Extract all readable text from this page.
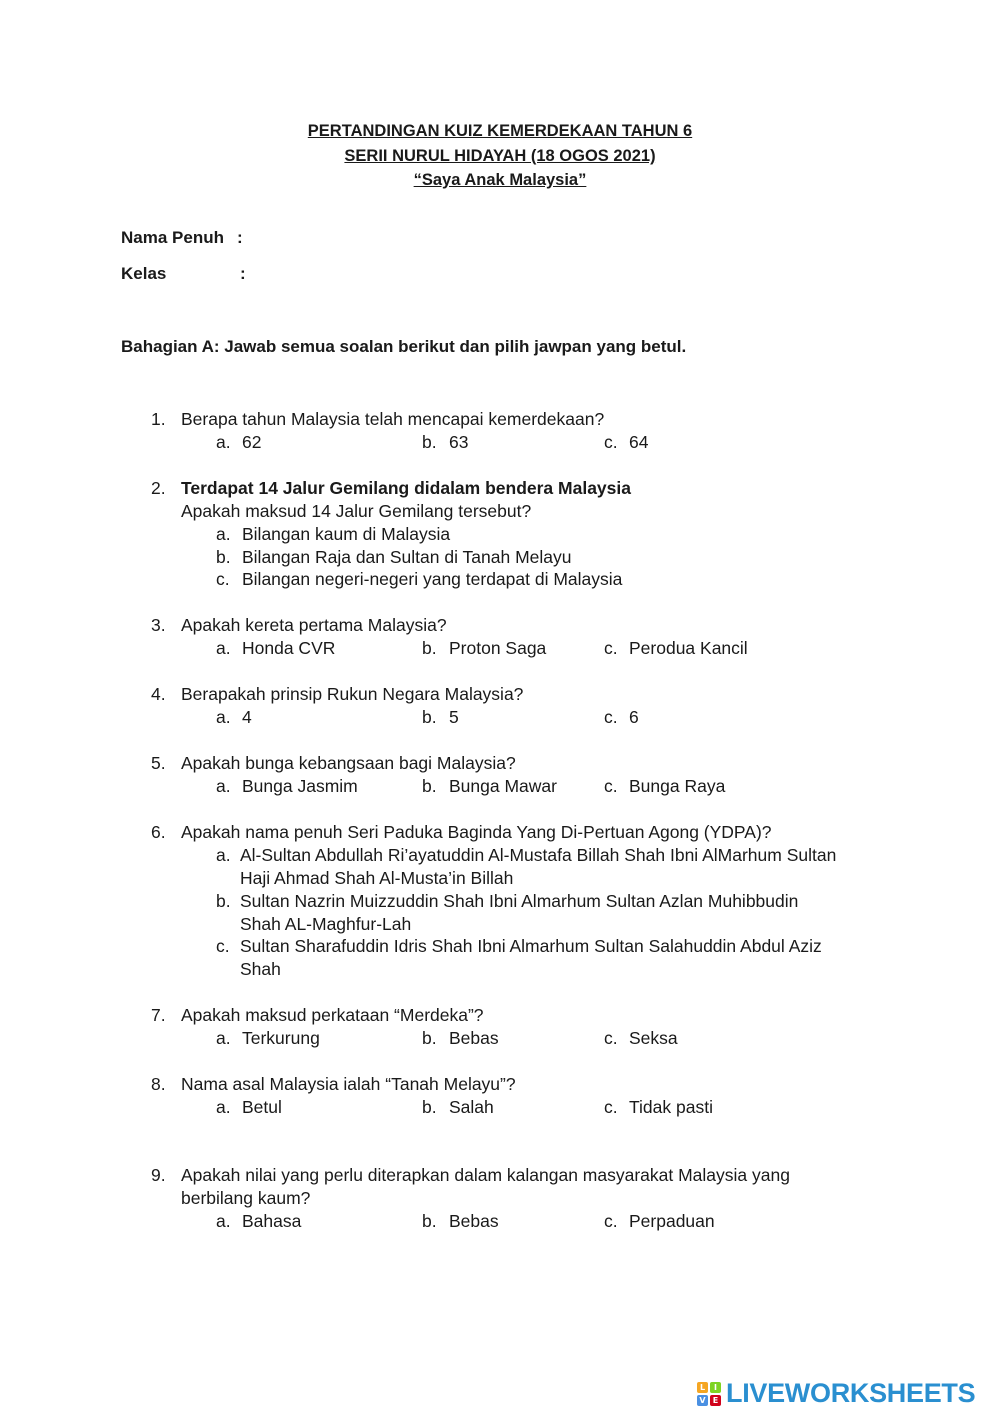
PERTANDINGAN KUIZ KEMERDEKAAN TAHUN 6
SERII NURUL HIDAYAH (18 OGOS 2021)
“Saya Anak Malaysia”
Nama Penuh :
Kelas	:
Bahagian A: Jawab semua soalan berikut dan pilih jawpan yang betul.
1. Berapa tahun Malaysia telah mencapai kemerdekaan?
a. 62	b. 63	c. 64
2. Terdapat 14 Jalur Gemilang didalam bendera Malaysia
Apakah maksud 14 Jalur Gemilang tersebut?
a. Bilangan kaum di Malaysia
b. Bilangan Raja dan Sultan di Tanah Melayu
c. Bilangan negeri-negeri yang terdapat di Malaysia
3. Apakah kereta pertama Malaysia?
a. Honda CVR	b. Proton Saga	c. Perodua Kancil
4. Berapakah prinsip Rukun Negara Malaysia?
a. 4	b. 5	c. 6
5. Apakah bunga kebangsaan bagi Malaysia?
a. Bunga Jasmim	b. Bunga Mawar	c. Bunga Raya
6. Apakah nama penuh Seri Paduka Baginda Yang Di-Pertuan Agong (YDPA)?
a. Al-Sultan Abdullah Ri’ayatuddin Al-Mustafa Billah Shah Ibni AlMarhum Sultan
Haji Ahmad Shah Al-Musta’in Billah
b. Sultan Nazrin Muizzuddin Shah Ibni Almarhum Sultan Azlan Muhibbudin
Shah AL-Maghfur-Lah
c. Sultan Sharafuddin Idris Shah Ibni Almarhum Sultan Salahuddin Abdul Aziz
Shah
7. Apakah maksud perkataan “Merdeka”?
a. Terkurung	b. Bebas	c. Seksa
8. Nama asal Malaysia ialah “Tanah Melayu”?
a. Betul	b. Salah	c. Tidak pasti
9. Apakah nilai yang perlu diterapkan dalam kalangan masyarakat Malaysia yang
berbilang kaum?
a. Bahasa	b. Bebas	c. Perpaduan
L	I
V E LIVEWORKSHEETS
